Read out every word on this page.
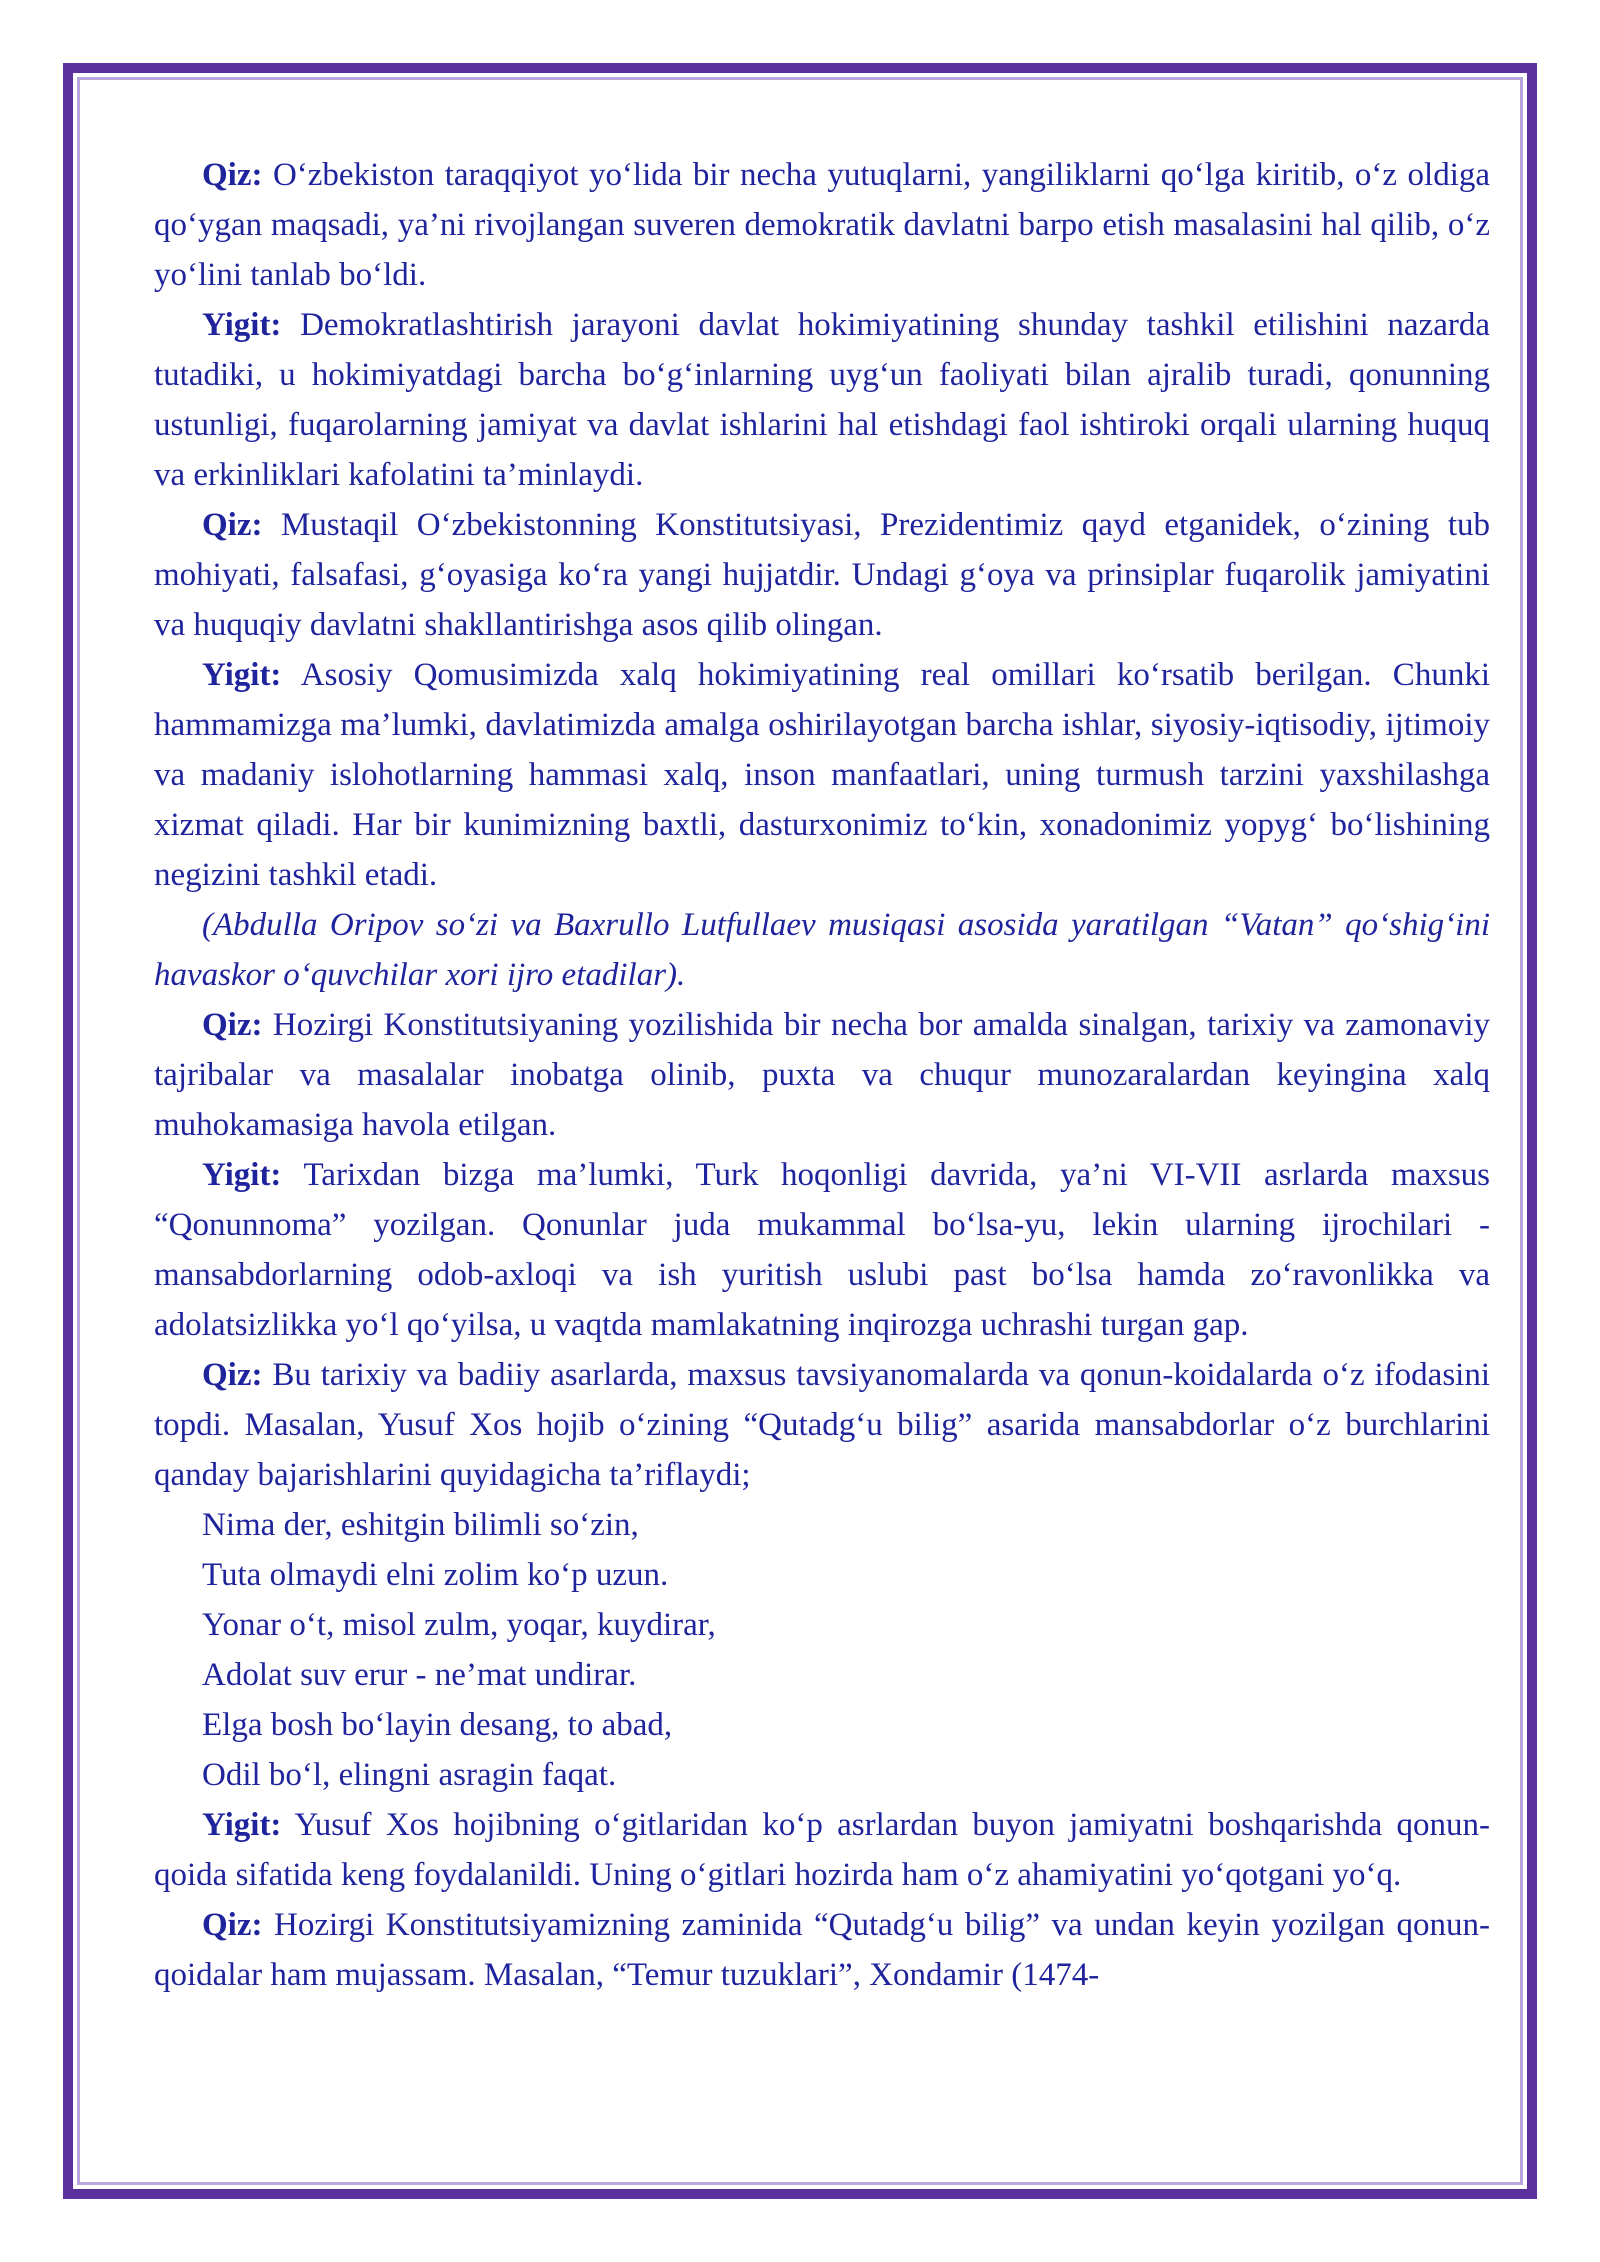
Qiz: O‘zbekiston taraqqiyot yo‘lida bir necha yutuqlarni, yangiliklarni qo‘lga kiritib, o‘z oldiga qo‘ygan maqsadi, ya’ni rivojlangan suveren demokratik davlatni barpo etish masalasini hal qilib, o‘z yo‘lini tanlab bo‘ldi.

Yigit: Demokratlashtirish jarayoni davlat hokimiyatining shunday tashkil etilishini nazarda tutadiki, u hokimiyatdagi barcha bo‘g‘inlarning uyg‘un faoliyati bilan ajralib turadi, qonunning ustunligi, fuqarolarning jamiyat va davlat ishlarini hal etishdagi faol ishtiroki orqali ularning huquq va erkinliklari kafolatini ta’minlaydi.

Qiz: Mustaqil O‘zbekistonning Konstitutsiyasi, Prezidentimiz qayd etganidek, o‘zining tub mohiyati, falsafasi, g‘oyasiga ko‘ra yangi hujjatdir. Undagi g‘oya va prinsiplar fuqarolik jamiyatini va huquqiy davlatni shakllantirishga asos qilib olingan.

Yigit: Asosiy Qomusimizda xalq hokimiyatining real omillari ko‘rsatib berilgan. Chunki hammamizga ma’lumki, davlatimizda amalga oshirilayotgan barcha ishlar, siyosiy-iqtisodiy, ijtimoiy va madaniy islohotlarning hammasi xalq, inson manfaatlari, uning turmush tarzini yaxshilashga xizmat qiladi. Har bir kunimizning baxtli, dasturxonimiz to‘kin, xonadonimiz yopyg‘ bo‘lishining negizini tashkil etadi.

(Abdulla Oripov so‘zi va Baxrullo Lutfullaev musiqasi asosida yaratilgan “Vatan” qo‘shig‘ini havaskor o‘quvchilar xori ijro etadilar).

Qiz: Hozirgi Konstitutsiyaning yozilishida bir necha bor amalda sinalgan, tarixiy va zamonaviy tajribalar va masalalar inobatga olinib, puxta va chuqur munozaralardan keyingina xalq muhokamasiga havola etilgan.

Yigit: Tarixdan bizga ma’lumki, Turk hoqonligi davrida, ya’ni VI-VII asrlarda maxsus “Qonunnoma” yozilgan. Qonunlar juda mukammal bo‘lsa-yu, lekin ularning ijrochilari - mansabdorlarning odob-axloqi va ish yuritish uslubi past bo‘lsa hamda zo‘ravonlikka va adolatsizlikka yo‘l qo‘yilsa, u vaqtda mamlakatning inqirozga uchrashi turgan gap.

Qiz: Bu tarixiy va badiiy asarlarda, maxsus tavsiyanomalarda va qonun-koidalarda o‘z ifodasini topdi. Masalan, Yusuf Xos hojib o‘zining “Qutadg‘u bilig” asarida mansabdorlar o‘z burchlarini qanday bajarishlarini quyidagicha ta’riflaydi;

Nima der, eshitgin bilimli so‘zin,

Tuta olmaydi elni zolim ko‘p uzun.

Yonar o‘t, misol zulm, yoqar, kuydirar,

Adolat suv erur - ne’mat undirar.

Elga bosh bo‘layin desang, to abad,

Odil bo‘l, elingni asragin faqat.

Yigit: Yusuf Xos hojibning o‘gitlaridan ko‘p asrlardan buyon jamiyatni boshqarishda qonun-qoida sifatida keng foydalanildi. Uning o‘gitlari hozirda ham o‘z ahamiyatini yo‘qotgani yo‘q.

Qiz: Hozirgi Konstitutsiyamizning zaminida “Qutadg‘u bilig” va undan keyin yozilgan qonun-qoidalar ham mujassam. Masalan, “Temur tuzuklari”, Xondamir (1474-
